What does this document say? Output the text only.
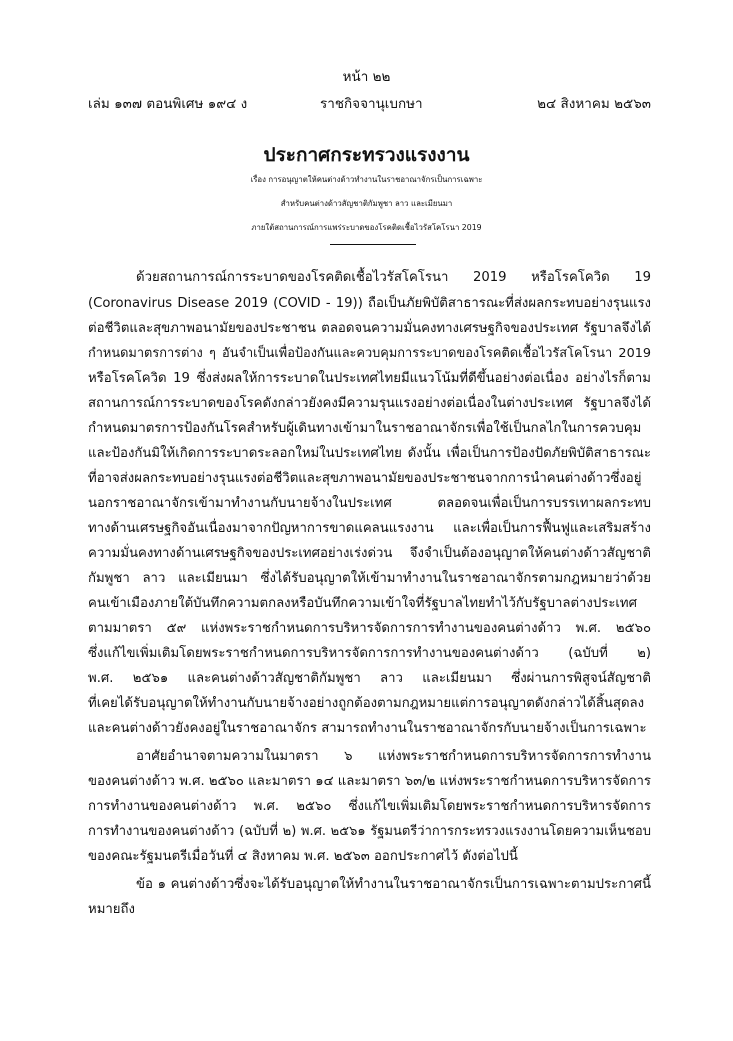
หน้า ๒๒
เล่ม ๑๓๗ ตอนพิเศษ ๑๙๔ ง	ราชกิจจานุเบกษา	๒๔ สิงหาคม ๒๕๖๓
ประกาศกระทรวงแรงงาน
เรื่อง การอนุญาตให้คนต่างด้าวทำงานในราชอาณาจักรเป็นการเฉพาะ
สำหรับคนต่างด้าวสัญชาติกัมพูชา ลาว และเมียนมา
ภายใต้สถานการณ์การแพร่ระบาดของโรคติดเชื้อไวรัสโคโรนา 2019
ด้วยสถานการณ์การระบาดของโรคติดเชื้อไวรัสโคโรนา 2019 หรือโรคโควิด 19
(Coronavirus Disease 2019 (COVID - 19)) ถือเป็นภัยพิบัติสาธารณะที่ส่งผลกระทบอย่างรุนแรง
ต่อชีวิตและสุขภาพอนามัยของประชาชน ตลอดจนความมั่นคงทางเศรษฐกิจของประเทศ รัฐบาลจึงได้
กำหนดมาตรการต่าง ๆ อันจำเป็นเพื่อป้องกันและควบคุมการระบาดของโรคติดเชื้อไวรัสโคโรนา 2019
หรือโรคโควิด 19 ซึ่งส่งผลให้การระบาดในประเทศไทยมีแนวโน้มที่ดีขึ้นอย่างต่อเนื่อง อย่างไรก็ตาม
สถานการณ์การระบาดของโรคดังกล่าวยังคงมีความรุนแรงอย่างต่อเนื่องในต่างประเทศ รัฐบาลจึงได้
กำหนดมาตรการป้องกันโรคสำหรับผู้เดินทางเข้ามาในราชอาณาจักรเพื่อใช้เป็นกลไกในการควบคุม
และป้องกันมิให้เกิดการระบาดระลอกใหม่ในประเทศไทย ดังนั้น เพื่อเป็นการป้องปัดภัยพิบัติสาธารณะ
ที่อาจส่งผลกระทบอย่างรุนแรงต่อชีวิตและสุขภาพอนามัยของประชาชนจากการนำคนต่างด้าวซึ่งอยู่
นอกราชอาณาจักรเข้ามาทำงานกับนายจ้างในประเทศ ตลอดจนเพื่อเป็นการบรรเทาผลกระทบ
ทางด้านเศรษฐกิจอันเนื่องมาจากปัญหาการขาดแคลนแรงงาน และเพื่อเป็นการฟื้นฟูและเสริมสร้าง
ความมั่นคงทางด้านเศรษฐกิจของประเทศอย่างเร่งด่วน จึงจำเป็นต้องอนุญาตให้คนต่างด้าวสัญชาติ
กัมพูชา ลาว และเมียนมา ซึ่งได้รับอนุญาตให้เข้ามาทำงานในราชอาณาจักรตามกฎหมายว่าด้วย
คนเข้าเมืองภายใต้บันทึกความตกลงหรือบันทึกความเข้าใจที่รัฐบาลไทยทำไว้กับรัฐบาลต่างประเทศ
ตามมาตรา ๕๙ แห่งพระราชกำหนดการบริหารจัดการการทำงานของคนต่างด้าว พ.ศ. ๒๕๖๐
ซึ่งแก้ไขเพิ่มเติมโดยพระราชกำหนดการบริหารจัดการการทำงานของคนต่างด้าว (ฉบับที่ ๒)
พ.ศ. ๒๕๖๑ และคนต่างด้าวสัญชาติกัมพูชา ลาว และเมียนมา ซึ่งผ่านการพิสูจน์สัญชาติ
ที่เคยได้รับอนุญาตให้ทำงานกับนายจ้างอย่างถูกต้องตามกฎหมายแต่การอนุญาตดังกล่าวได้สิ้นสุดลง
และคนต่างด้าวยังคงอยู่ในราชอาณาจักร สามารถทำงานในราชอาณาจักรกับนายจ้างเป็นการเฉพาะ
อาศัยอำนาจตามความในมาตรา ๖ แห่งพระราชกำหนดการบริหารจัดการการทำงาน
ของคนต่างด้าว พ.ศ. ๒๕๖๐ และมาตรา ๑๔ และมาตรา ๖๓/๒ แห่งพระราชกำหนดการบริหารจัดการ
การทำงานของคนต่างด้าว พ.ศ. ๒๕๖๐ ซึ่งแก้ไขเพิ่มเติมโดยพระราชกำหนดการบริหารจัดการ
การทำงานของคนต่างด้าว (ฉบับที่ ๒) พ.ศ. ๒๕๖๑ รัฐมนตรีว่าการกระทรวงแรงงานโดยความเห็นชอบ
ของคณะรัฐมนตรีเมื่อวันที่ ๔ สิงหาคม พ.ศ. ๒๕๖๓ ออกประกาศไว้ ดังต่อไปนี้
ข้อ ๑ คนต่างด้าวซึ่งจะได้รับอนุญาตให้ทำงานในราชอาณาจักรเป็นการเฉพาะตามประกาศนี้
หมายถึง
